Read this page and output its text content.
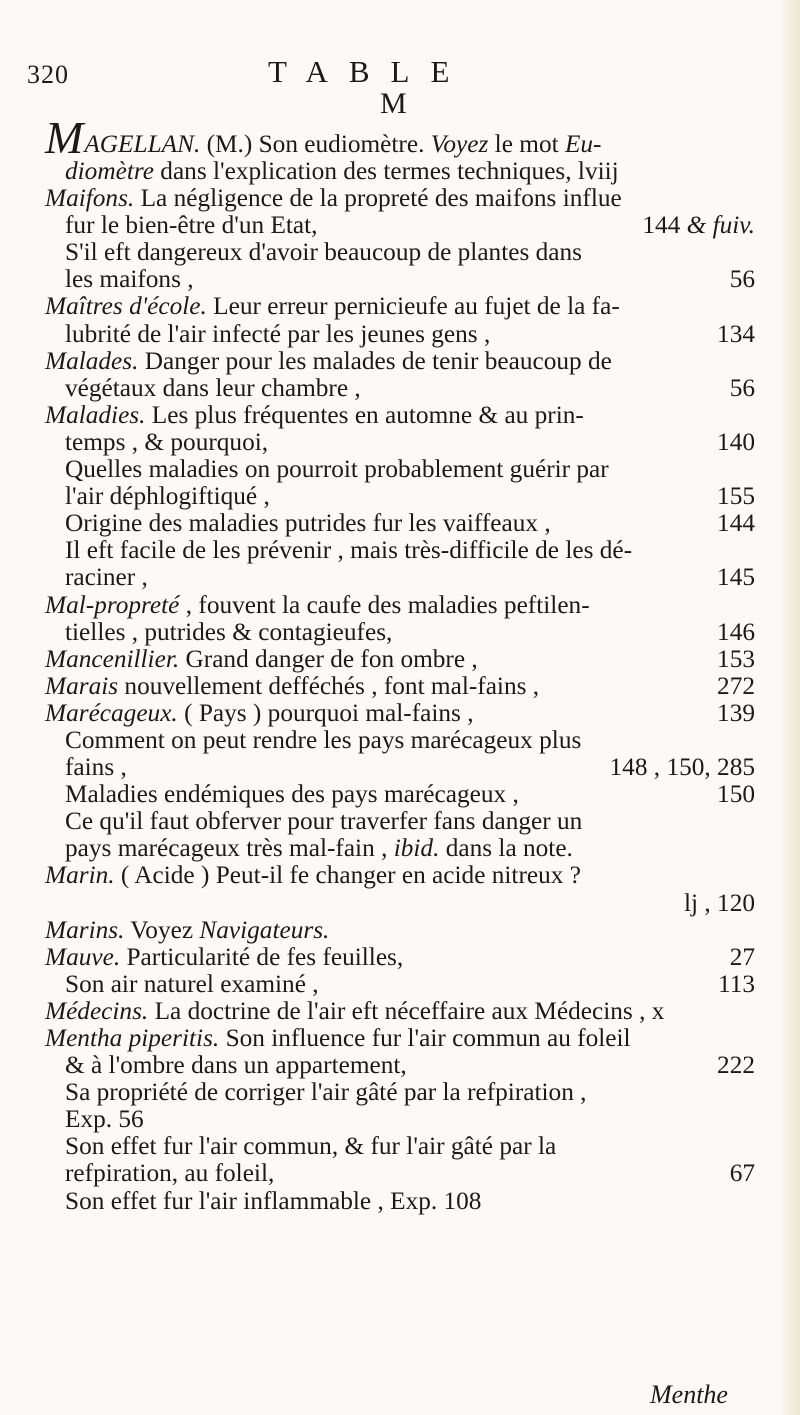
320	TABLE
M
M AGELLAN. (M.) Son eudiomètre. Voyez le mot Eu-
diomètre dans l'explication des termes techniques, lviij
Maifons. La négligence de la propreté des maifons influe
fur le bien-être d'un Etat,	144 & fuiv.
S'il eft dangereux d'avoir beaucoup de plantes dans
les maifons ,	56
Maîtres d'école. Leur erreur pernicieufe au fujet de la fa-
lubrité de l'air infecté par les jeunes gens ,	134
Malades. Danger pour les malades de tenir beaucoup de
végétaux dans leur chambre ,	56
Maladies. Les plus fréquentes en automne & au prin-
temps , & pourquoi,	140
Quelles maladies on pourroit probablement guérir par
l'air déphlogiftiqué ,	155
Origine des maladies putrides fur les vaiffeaux ,	144
Il eft facile de les prévenir , mais très-difficile de les dé-
raciner ,	145
Mal-propreté , fouvent la caufe des maladies peftilen-
tielles , putrides & contagieufes,	146
Mancenillier. Grand danger de fon ombre ,	153
Marais nouvellement defféchés , font mal-fains ,	272
Marécageux. ( Pays ) pourquoi mal-fains ,	139
Comment on peut rendre les pays marécageux plus
fains ,	148 , 150, 285
Maladies endémiques des pays marécageux ,	150
Ce qu'il faut obferver pour traverfer fans danger un
pays marécageux très mal-fain , ibid. dans la note.
Marin. ( Acide ) Peut-il fe changer en acide nitreux ?
lj , 120
Marins. Voyez Navigateurs.
Mauve. Particularité de fes feuilles,	27
Son air naturel examiné ,	113
Médecins. La doctrine de l'air eft néceffaire aux Médecins , x
Mentha piperitis. Son influence fur l'air commun au foleil
& à l'ombre dans un appartement,	222
Sa propriété de corriger l'air gâté par la refpiration ,
Exp. 56
Son effet fur l'air commun, & fur l'air gâté par la
refpiration, au foleil,	67
Son effet fur l'air inflammable , Exp. 108
Menthe
